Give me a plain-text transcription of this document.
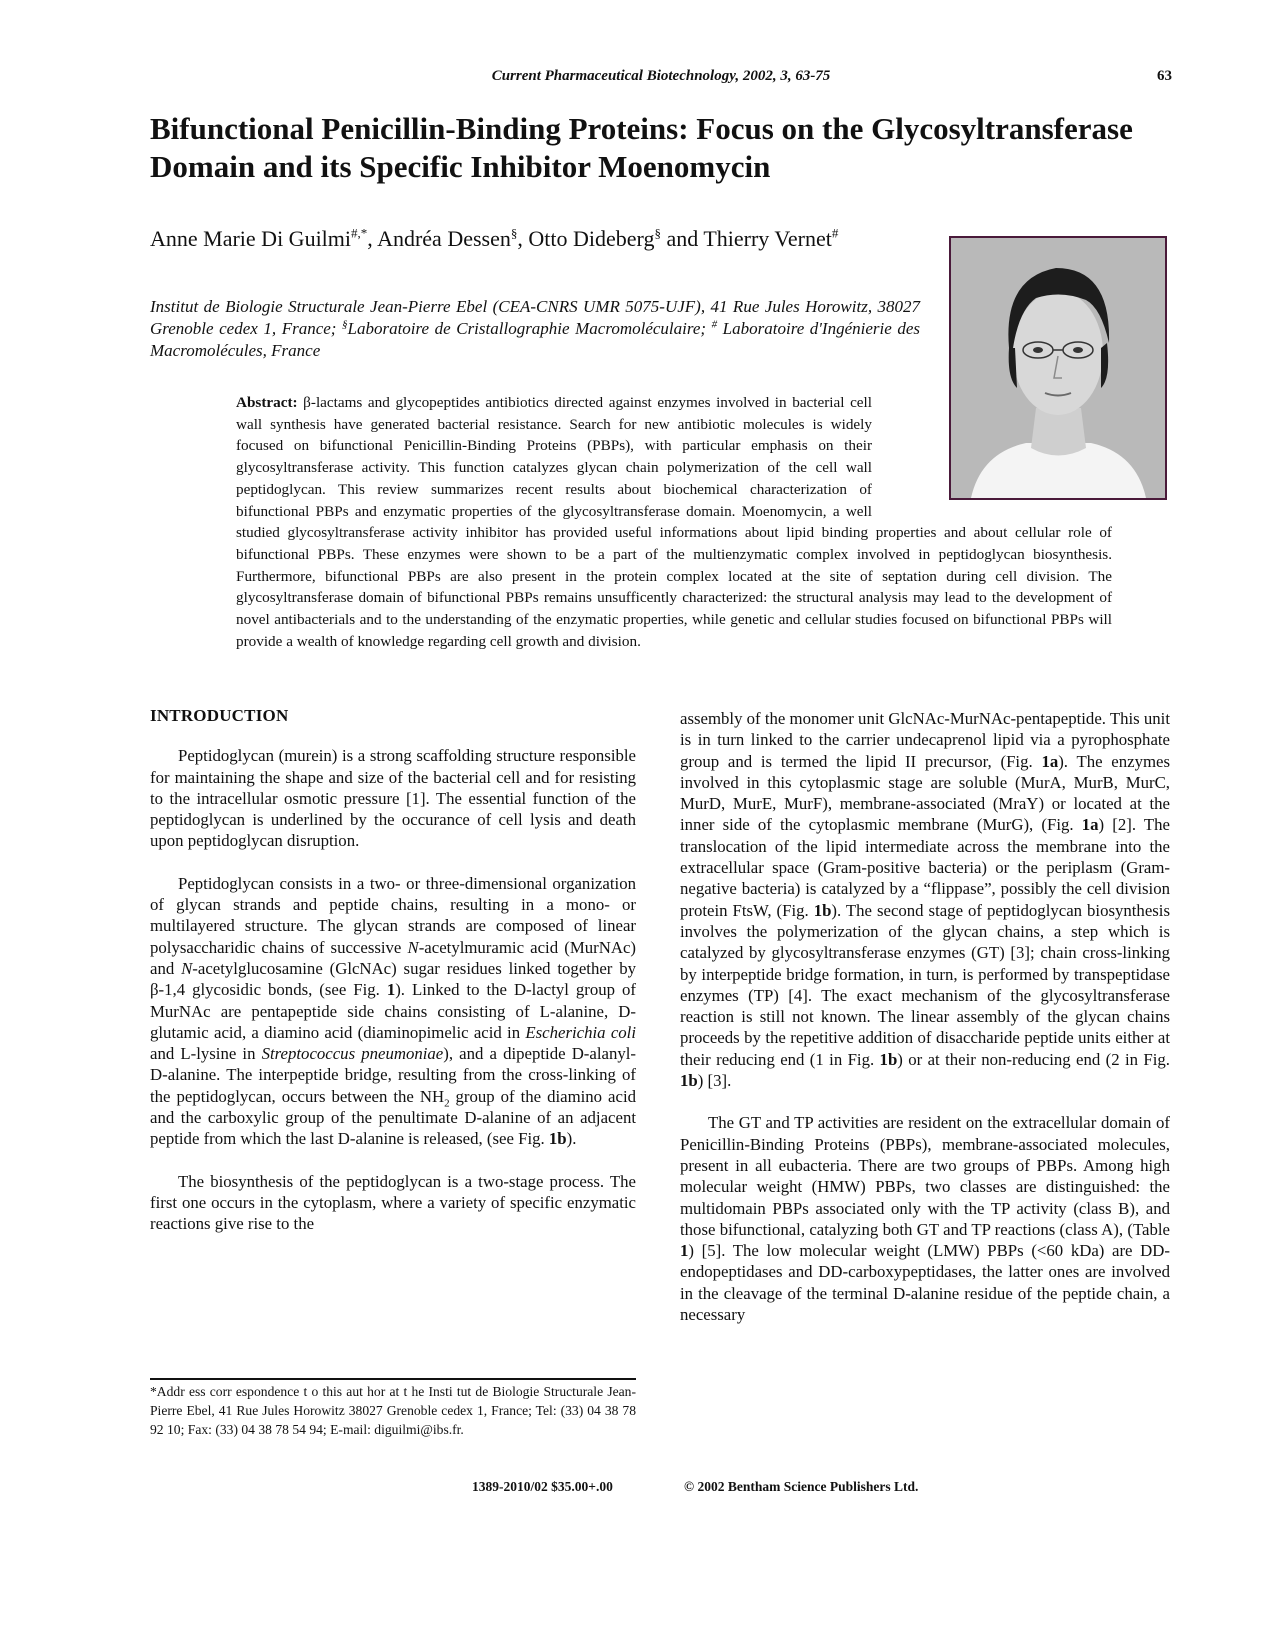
Current Pharmaceutical Biotechnology, 2002, 3, 63-75	63
Bifunctional Penicillin-Binding Proteins: Focus on the Glycosyltransferase Domain and its Specific Inhibitor Moenomycin
Anne Marie Di Guilmi#,*, Andréa Dessen§, Otto Dideberg§ and Thierry Vernet#
Institut de Biologie Structurale Jean-Pierre Ebel (CEA-CNRS UMR 5075-UJF), 41 Rue Jules Horowitz, 38027 Grenoble cedex 1, France; §Laboratoire de Cristallographie Macromoléculaire; # Laboratoire d'Ingénierie des Macromolécules, France
Abstract: β-lactams and glycopeptides antibiotics directed against enzymes involved in bacterial cell wall synthesis have generated bacterial resistance. Search for new antibiotic molecules is widely focused on bifunctional Penicillin-Binding Proteins (PBPs), with particular emphasis on their glycosyltransferase activity. This function catalyzes glycan chain polymerization of the cell wall peptidoglycan. This review summarizes recent results about biochemical characterization of bifunctional PBPs and enzymatic properties of the glycosyltransferase domain. Moenomycin, a well studied glycosyltransferase activity inhibitor has provided useful informations about lipid binding properties and about cellular role of bifunctional PBPs. These enzymes were shown to be a part of the multienzymatic complex involved in peptidoglycan biosynthesis. Furthermore, bifunctional PBPs are also present in the protein complex located at the site of septation during cell division. The glycosyltransferase domain of bifunctional PBPs remains unsufficently characterized: the structural analysis may lead to the development of novel antibacterials and to the understanding of the enzymatic properties, while genetic and cellular studies focused on bifunctional PBPs will provide a wealth of knowledge regarding cell growth and division.
INTRODUCTION

Peptidoglycan (murein) is a strong scaffolding structure responsible for maintaining the shape and size of the bacterial cell and for resisting to the intracellular osmotic pressure [1]. The essential function of the peptidoglycan is underlined by the occurance of cell lysis and death upon peptidoglycan disruption.

Peptidoglycan consists in a two- or three-dimensional organization of glycan strands and peptide chains, resulting in a mono- or multilayered structure. The glycan strands are composed of linear polysaccharidic chains of successive N-acetylmuramic acid (MurNAc) and N-acetylglucosamine (GlcNAc) sugar residues linked together by β-1,4 glycosidic bonds, (see Fig. 1). Linked to the D-lactyl group of MurNAc are pentapeptide side chains consisting of L-alanine, D-glutamic acid, a diamino acid (diaminopimelic acid in Escherichia coli and L-lysine in Streptococcus pneumoniae), and a dipeptide D-alanyl-D-alanine. The interpeptide bridge, resulting from the cross-linking of the peptidoglycan, occurs between the $NH_2$ group of the diamino acid and the carboxylic group of the penultimate D-alanine of an adjacent peptide from which the last D-alanine is released, (see Fig. 1b).

The biosynthesis of the peptidoglycan is a two-stage process. The first one occurs in the cytoplasm, where a variety of specific enzymatic reactions give rise to the

assembly of the monomer unit GlcNAc-MurNAc-pentapeptide. This unit is in turn linked to the carrier undecaprenol lipid via a pyrophosphate group and is termed the lipid II precursor, (Fig. 1a). The enzymes involved in this cytoplasmic stage are soluble (MurA, MurB, MurC, MurD, MurE, MurF), membrane-associated (MraY) or located at the inner side of the cytoplasmic membrane (MurG), (Fig. 1a) [2]. The translocation of the lipid intermediate across the membrane into the extracellular space (Gram-positive bacteria) or the periplasm (Gram-negative bacteria) is catalyzed by a “flippase”, possibly the cell division protein FtsW, (Fig. 1b). The second stage of peptidoglycan biosynthesis involves the polymerization of the glycan chains, a step which is catalyzed by glycosyltransferase enzymes (GT) [3]; chain cross-linking by interpeptide bridge formation, in turn, is performed by transpeptidase enzymes (TP) [4]. The exact mechanism of the glycosyltransferase reaction is still not known. The linear assembly of the glycan chains proceeds by the repetitive addition of disaccharide peptide units either at their reducing end (1 in Fig. 1b) or at their non-reducing end (2 in Fig. 1b) [3].

The GT and TP activities are resident on the extracellular domain of Penicillin-Binding Proteins (PBPs), membrane-associated molecules, present in all eubacteria. There are two groups of PBPs. Among high molecular weight (HMW) PBPs, two classes are distinguished: the multidomain PBPs associated only with the TP activity (class B), and those bifunctional, catalyzing both GT and TP reactions (class A), (Table 1) [5]. The low molecular weight (LMW) PBPs (<60 kDa) are DD-endopeptidases and DD-carboxypeptidases, the latter ones are involved in the cleavage of the terminal D-alanine residue of the peptide chain, a necessary

*Addr ess corr espondence t o this aut hor at t he Insti tut de Biologie Structurale Jean-Pierre Ebel, 41 Rue Jules Horowitz 38027 Grenoble cedex 1, France; Tel: (33) 04 38 78 92 10; Fax: (33) 04 38 78 54 94; E-mail: diguilmi@ibs.fr.
1389-2010/02 $35.00+.00	© 2002 Bentham Science Publishers Ltd.
